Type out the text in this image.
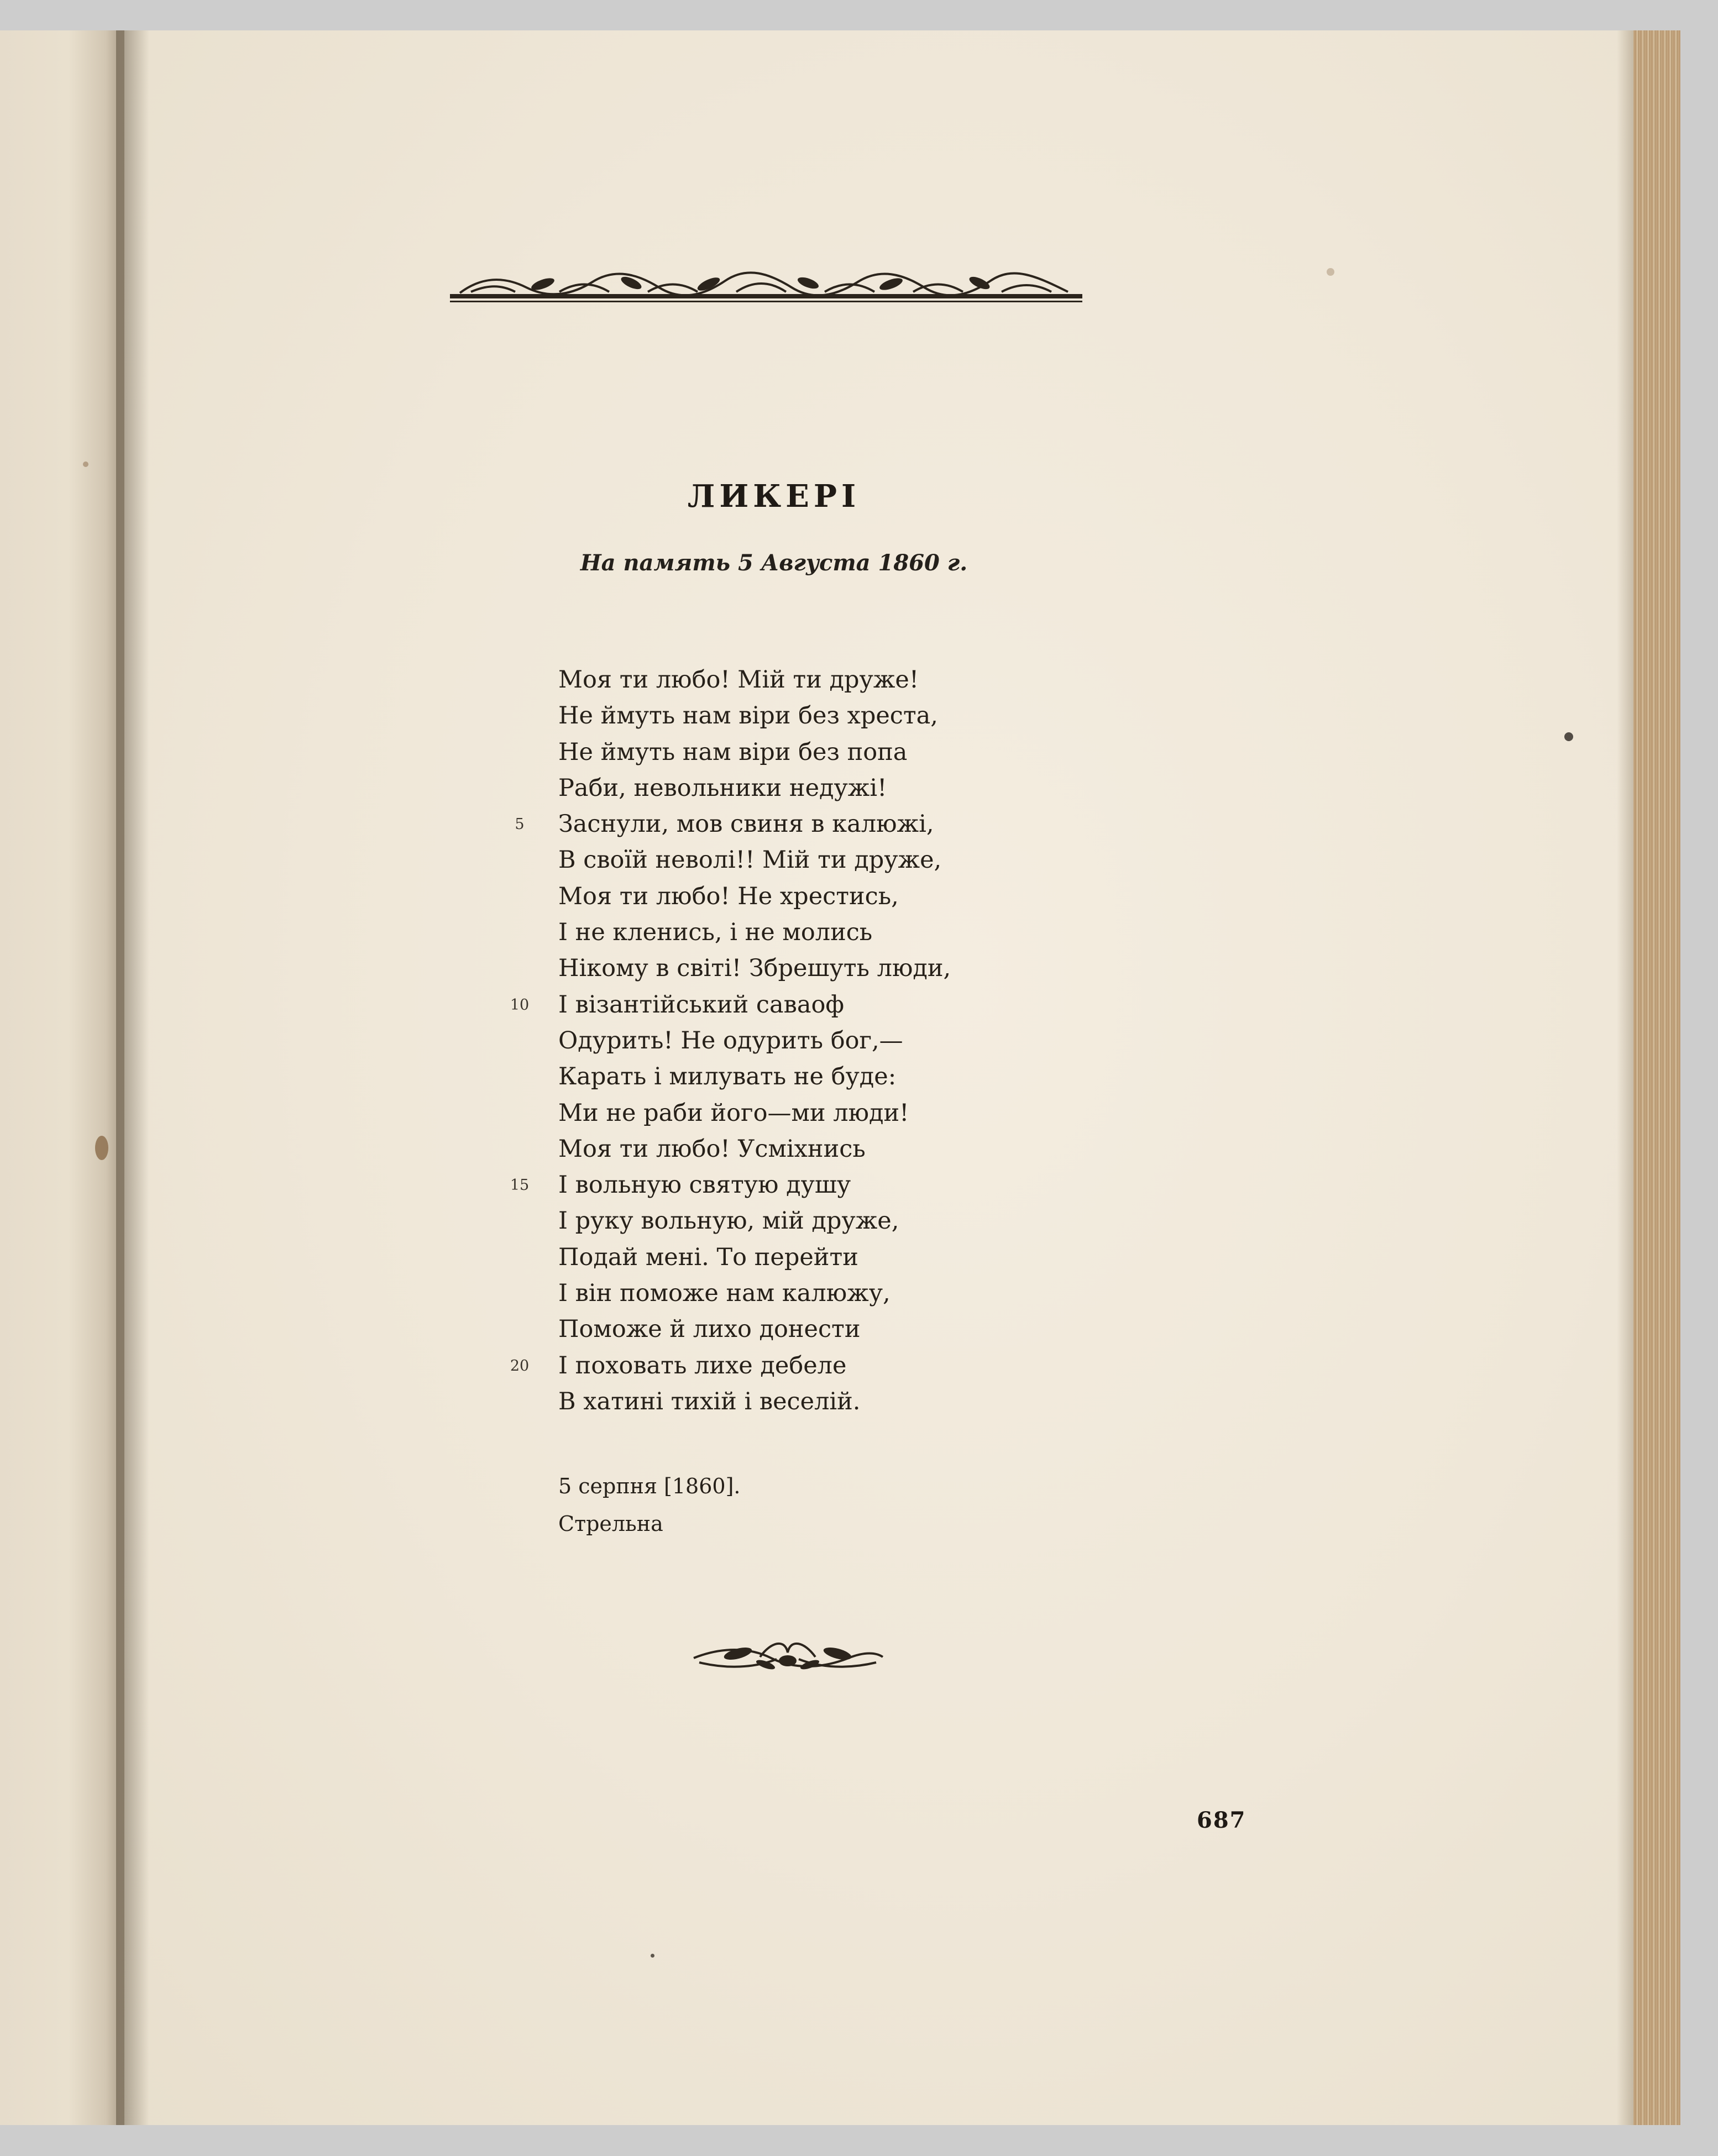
ЛИКЕРІ
На память 5 Августа 1860 г.
Моя ти любо! Мій ти друже!
Не ймуть нам віри без хреста,
Не ймуть нам віри без попа
Раби, невольники недужі!
5	Заснули, мов свиня в калюжі,
В своїй неволі!! Мій ти друже,
Моя ти любо! Не хрестись,
І не кленись, і не молись
Нікому в світі! Збрешуть люди,
10 І візантійський саваоф
Одурить! Не одурить бог,—
Карать і милувать не буде:
Ми не раби його—ми люди!
Моя ти любо! Усміхнись
15 І вольную святую душу
І руку вольную, мій друже,
Подай мені. То перейти
І він поможе нам калюжу,
Поможе й лихо донести
20 І поховать лихе дебеле
В хатині тихій і веселій.
5 серпня [1860].
Стрельна
687
